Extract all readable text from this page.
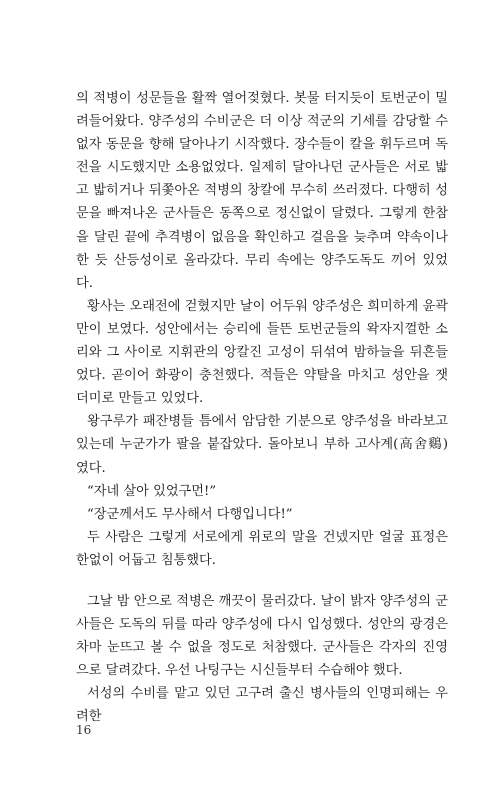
의 적병이 성문들을 활짝 열어젖혔다. 봇물 터지듯이 토번군이 밀려들어왔다. 양주성의 수비군은 더 이상 적군의 기세를 감당할 수 없자 동문을 향해 달아나기 시작했다. 장수들이 칼을 휘두르며 독전을 시도했지만 소용없었다. 일제히 달아나던 군사들은 서로 밟고 밟히거나 뒤쫓아온 적병의 창칼에 무수히 쓰러졌다. 다행히 성문을 빠져나온 군사들은 동쪽으로 정신없이 달렸다. 그렇게 한참을 달린 끝에 추격병이 없음을 확인하고 걸음을 늦추며 약속이나 한 듯 산등성이로 올라갔다. 무리 속에는 양주도독도 끼어 있었다.

황사는 오래전에 걷혔지만 날이 어두워 양주성은 희미하게 윤곽만이 보였다. 성안에서는 승리에 들뜬 토번군들의 왁자지껄한 소리와 그 사이로 지휘관의 앙칼진 고성이 뒤섞여 밤하늘을 뒤흔들었다. 곧이어 화광이 충천했다. 적들은 약탈을 마치고 성안을 잿더미로 만들고 있었다.

왕구루가 패잔병들 틈에서 암담한 기분으로 양주성을 바라보고 있는데 누군가가 팔을 붙잡았다. 돌아보니 부하 고사계(高舍鷄)였다.

“자네 살아 있었구먼!”

“장군께서도 무사해서 다행입니다!”

두 사람은 그렇게 서로에게 위로의 말을 건넸지만 얼굴 표정은 한없이 어둡고 침통했다.

그날 밤 안으로 적병은 깨끗이 물러갔다. 날이 밝자 양주성의 군사들은 도독의 뒤를 따라 양주성에 다시 입성했다. 성안의 광경은 차마 눈뜨고 볼 수 없을 정도로 처참했다. 군사들은 각자의 진영으로 달려갔다. 우선 나팅구는 시신들부터 수습해야 했다.

서성의 수비를 맡고 있던 고구려 출신 병사들의 인명피해는 우려한

16
